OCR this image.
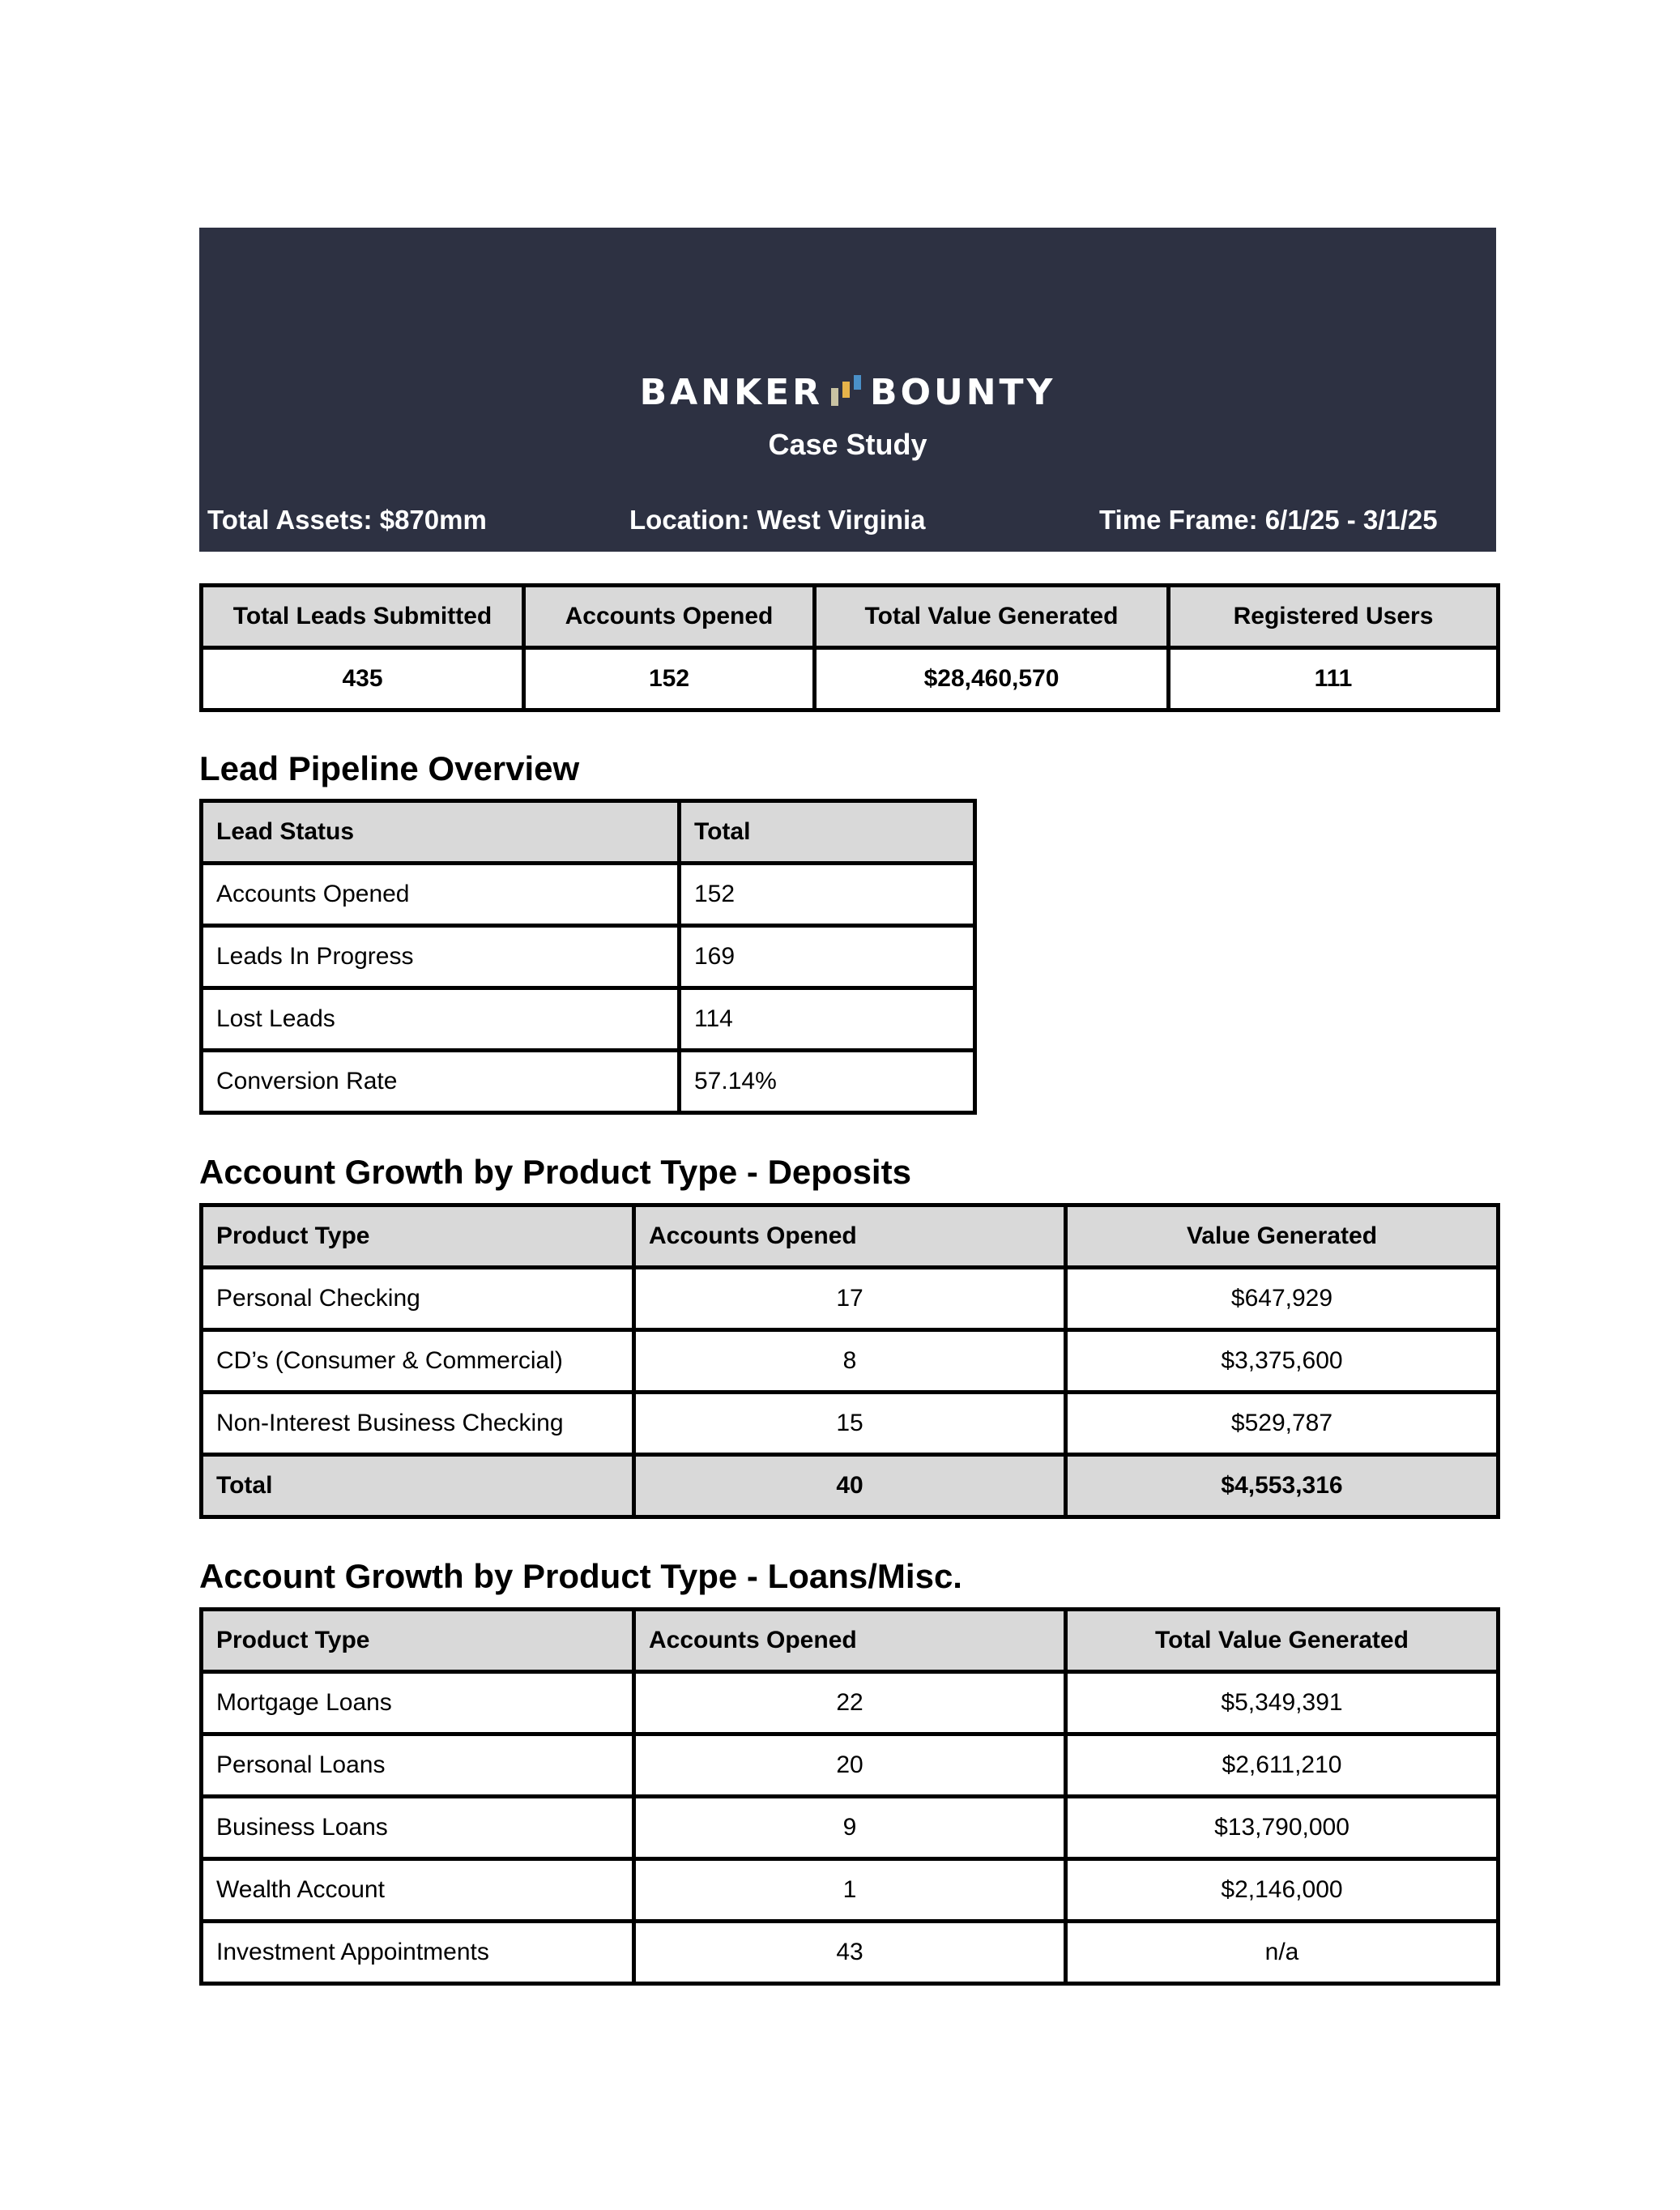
BANKER BOUNTY
Case Study
Total Assets: $870mm	Location: West Virginia	Time Frame: 6/1/25 - 3/1/25
Total Leads Submitted	Accounts Opened	Total Value Generated	Registered Users
435	152	$28,460,570	111
Lead Pipeline Overview
Lead Status	Total
Accounts Opened	152
Leads In Progress	169
Lost Leads	114
Conversion Rate	57.14%
Account Growth by Product Type - Deposits
Product Type	Accounts Opened	Value Generated
Personal Checking	17	$647,929
CD’s (Consumer & Commercial)	8	$3,375,600
Non-Interest Business Checking	15	$529,787
Total	40	$4,553,316
Account Growth by Product Type - Loans/Misc.
Product Type	Accounts Opened	Total Value Generated
Mortgage Loans	22	$5,349,391
Personal Loans	20	$2,611,210
Business Loans	9	$13,790,000
Wealth Account	1	$2,146,000
Investment Appointments	43	n/a
